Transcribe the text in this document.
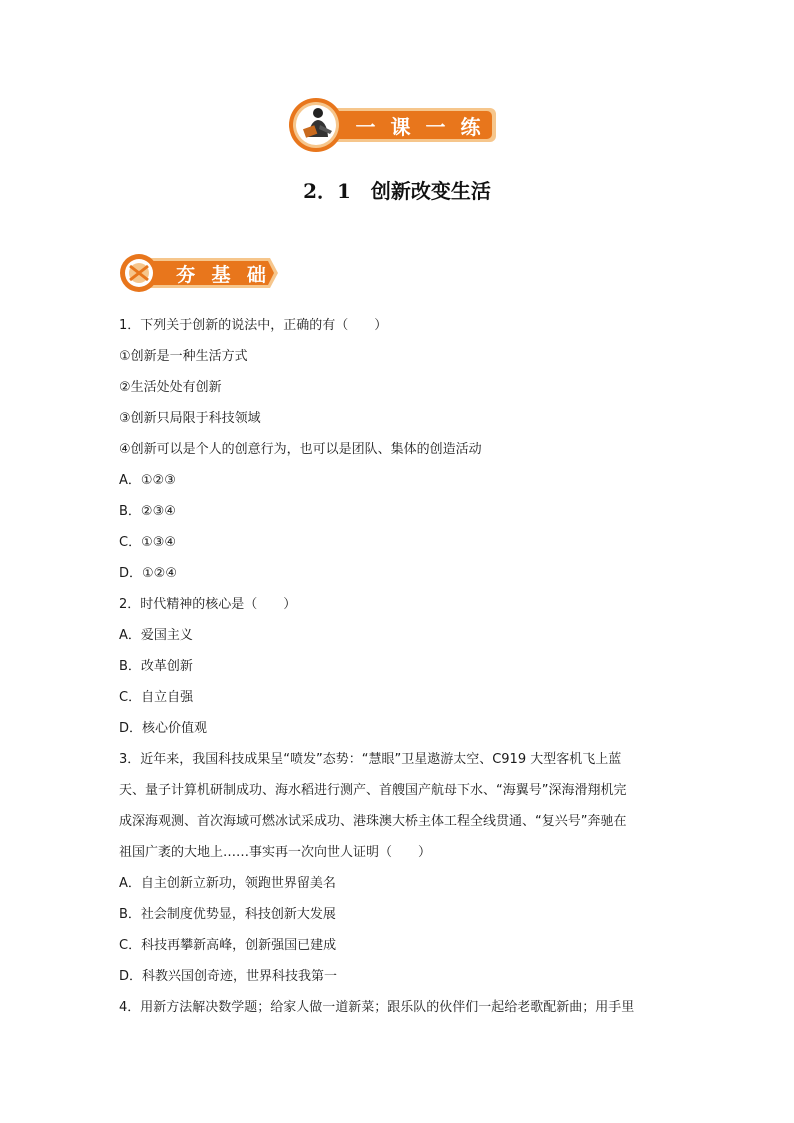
一 课 一 练
2．1　创新改变生活
夯 基 础
1．下列关于创新的说法中，正确的有（　　）
①创新是一种生活方式
②生活处处有创新
③创新只局限于科技领域
④创新可以是个人的创意行为，也可以是团队、集体的创造活动
A．①②③
B．②③④
C．①③④
D．①②④
2．时代精神的核心是（　　）
A．爱国主义
B．改革创新
C．自立自强
D．核心价值观
3．近年来，我国科技成果呈“喷发”态势：“慧眼”卫星遨游太空、C919 大型客机飞上蓝
天、量子计算机研制成功、海水稻进行测产、首艘国产航母下水、“海翼号”深海滑翔机完
成深海观测、首次海域可燃冰试采成功、港珠澳大桥主体工程全线贯通、“复兴号”奔驰在
祖国广袤的大地上……事实再一次向世人证明（　　）
A．自主创新立新功，领跑世界留美名
B．社会制度优势显，科技创新大发展
C．科技再攀新高峰，创新强国已建成
D．科教兴国创奇迹，世界科技我第一
4．用新方法解决数学题；给家人做一道新菜；跟乐队的伙伴们一起给老歌配新曲；用手里
